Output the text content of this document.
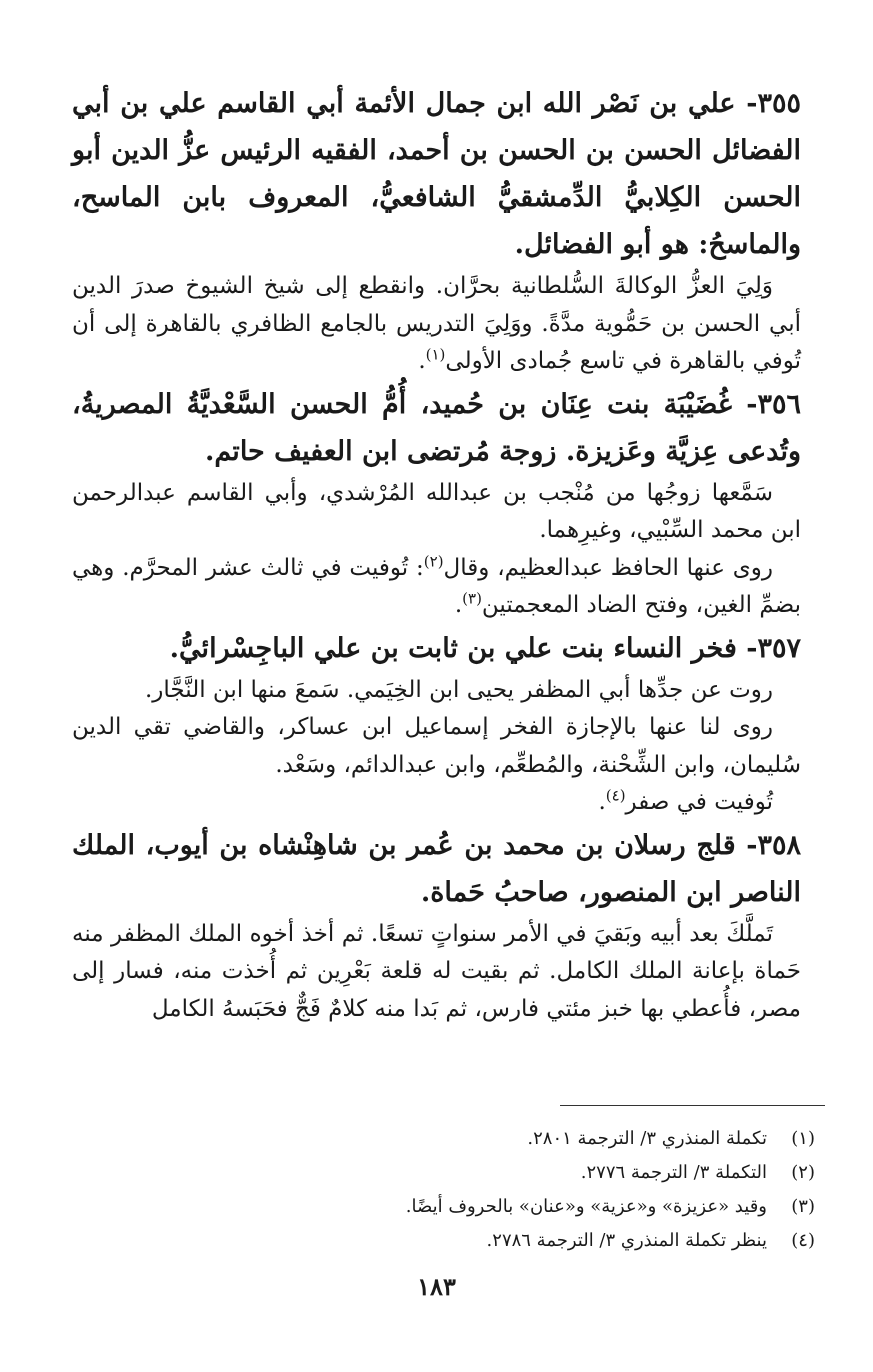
٣٥٥- علي بن نَصْر الله ابن جمال الأئمة أبي القاسم علي بن أبي الفضائل الحسن بن الحسن بن أحمد، الفقيه الرئيس عزُّ الدين أبو الحسن الكِلابيُّ الدِّمشقيُّ الشافعيُّ، المعروف بابن الماسح، والماسحُ: هو أبو الفضائل.

وَلِيَ العزُّ الوكالةَ السُّلطانية بحرَّان. وانقطع إلى شيخ الشيوخ صدرَ الدين أبي الحسن بن حَمُّوية مدَّةً. ووَلِيَ التدريس بالجامع الظافري بالقاهرة إلى أن تُوفي بالقاهرة في تاسع جُمادى الأولى$^{(١)}$.

٣٥٦- غُضَيْبَة بنت عِنَان بن حُميد، أُمُّ الحسن السَّعْديَّةُ المصريةُ، وتُدعى عِزيَّة وعَزيزة. زوجة مُرتضى ابن العفيف حاتم.

سَمَّعها زوجُها من مُنْجب بن عبدالله المُرْشدي، وأبي القاسم عبدالرحمن ابن محمد السِّبْيي، وغيرِهما.

روى عنها الحافظ عبدالعظيم، وقال$^{(٢)}$: تُوفيت في ثالث عشر المحرَّم. وهي بضمِّ الغين، وفتح الضاد المعجمتين$^{(٣)}$.

٣٥٧- فخر النساء بنت علي بن ثابت بن علي الباجِسْرائيُّ.

روت عن جدِّها أبي المظفر يحيى ابن الخِيَمي. سَمعَ منها ابن النَّجَّار.

روى لنا عنها بالإجازة الفخر إسماعيل ابن عساكر، والقاضي تقي الدين سُليمان، وابن الشِّحْنة، والمُطعِّم، وابن عبدالدائم، وسَعْد.

تُوفيت في صفر$^{(٤)}$.

٣٥٨- قلج رسلان بن محمد بن عُمر بن شاهِنْشاه بن أيوب، الملك الناصر ابن المنصور، صاحبُ حَماة.

تَملَّكَ بعد أبيه وبَقيَ في الأمر سنواتٍ تسعًا. ثم أخذ أخوه الملك المظفر منه حَماة بإعانة الملك الكامل. ثم بقيت له قلعة بَعْرِين ثم أُخذت منه، فسار إلى مصر، فأُعطي بها خبز مئتي فارس، ثم بَدا منه كلامٌ فَجٌّ فحَبَسهُ الكامل

(١)تكملة المنذري ٣/ الترجمة ٢٨٠١.
(٢)التكملة ٣/ الترجمة ٢٧٧٦.
(٣)وقيد «عزيزة» و«عزية» و«عنان» بالحروف أيضًا.
(٤)ينظر تكملة المنذري ٣/ الترجمة ٢٧٨٦.
١٨٣
